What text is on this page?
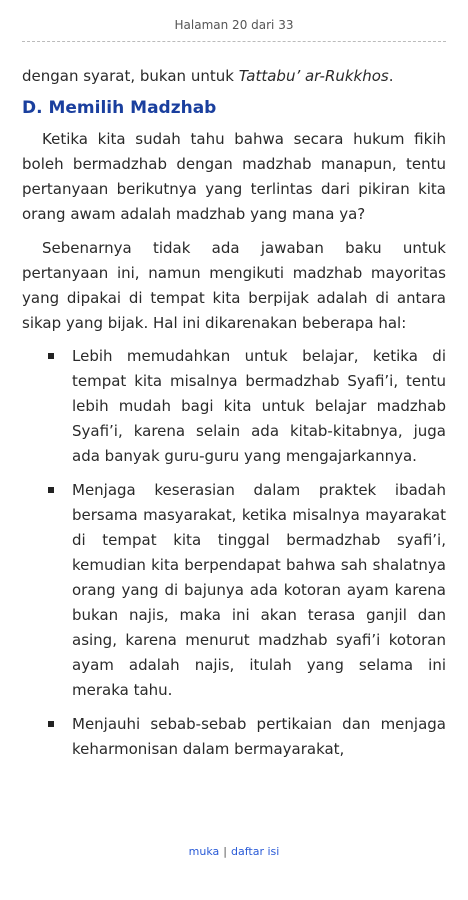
Halaman 20 dari 33

dengan syarat, bukan untuk Tattabu’ ar-Rukkhos.

D. Memilih Madzhab

Ketika kita sudah tahu bahwa secara hukum fikih boleh bermadzhab dengan madzhab manapun, tentu pertanyaan berikutnya yang terlintas dari pikiran kita orang awam adalah madzhab yang mana ya?

Sebenarnya tidak ada jawaban baku untuk pertanyaan ini, namun mengikuti madzhab mayoritas yang dipakai di tempat kita berpijak adalah di antara sikap yang bijak. Hal ini dikarenakan beberapa hal:

Lebih memudahkan untuk belajar, ketika di tempat kita misalnya bermadzhab Syafi’i, tentu lebih mudah bagi kita untuk belajar madzhab Syafi’i, karena selain ada kitab-kitabnya, juga ada banyak guru-guru yang mengajarkannya.
Menjaga keserasian dalam praktek ibadah bersama masyarakat, ketika misalnya mayarakat di tempat kita tinggal bermadzhab syafi’i, kemudian kita berpendapat bahwa sah shalatnya orang yang di bajunya ada kotoran ayam karena bukan najis, maka ini akan terasa ganjil dan asing, karena menurut madzhab syafi’i kotoran ayam adalah najis, itulah yang selama ini meraka tahu.
Menjauhi sebab-sebab pertikaian dan menjaga keharmonisan dalam bermayarakat,
muka | daftar isi
